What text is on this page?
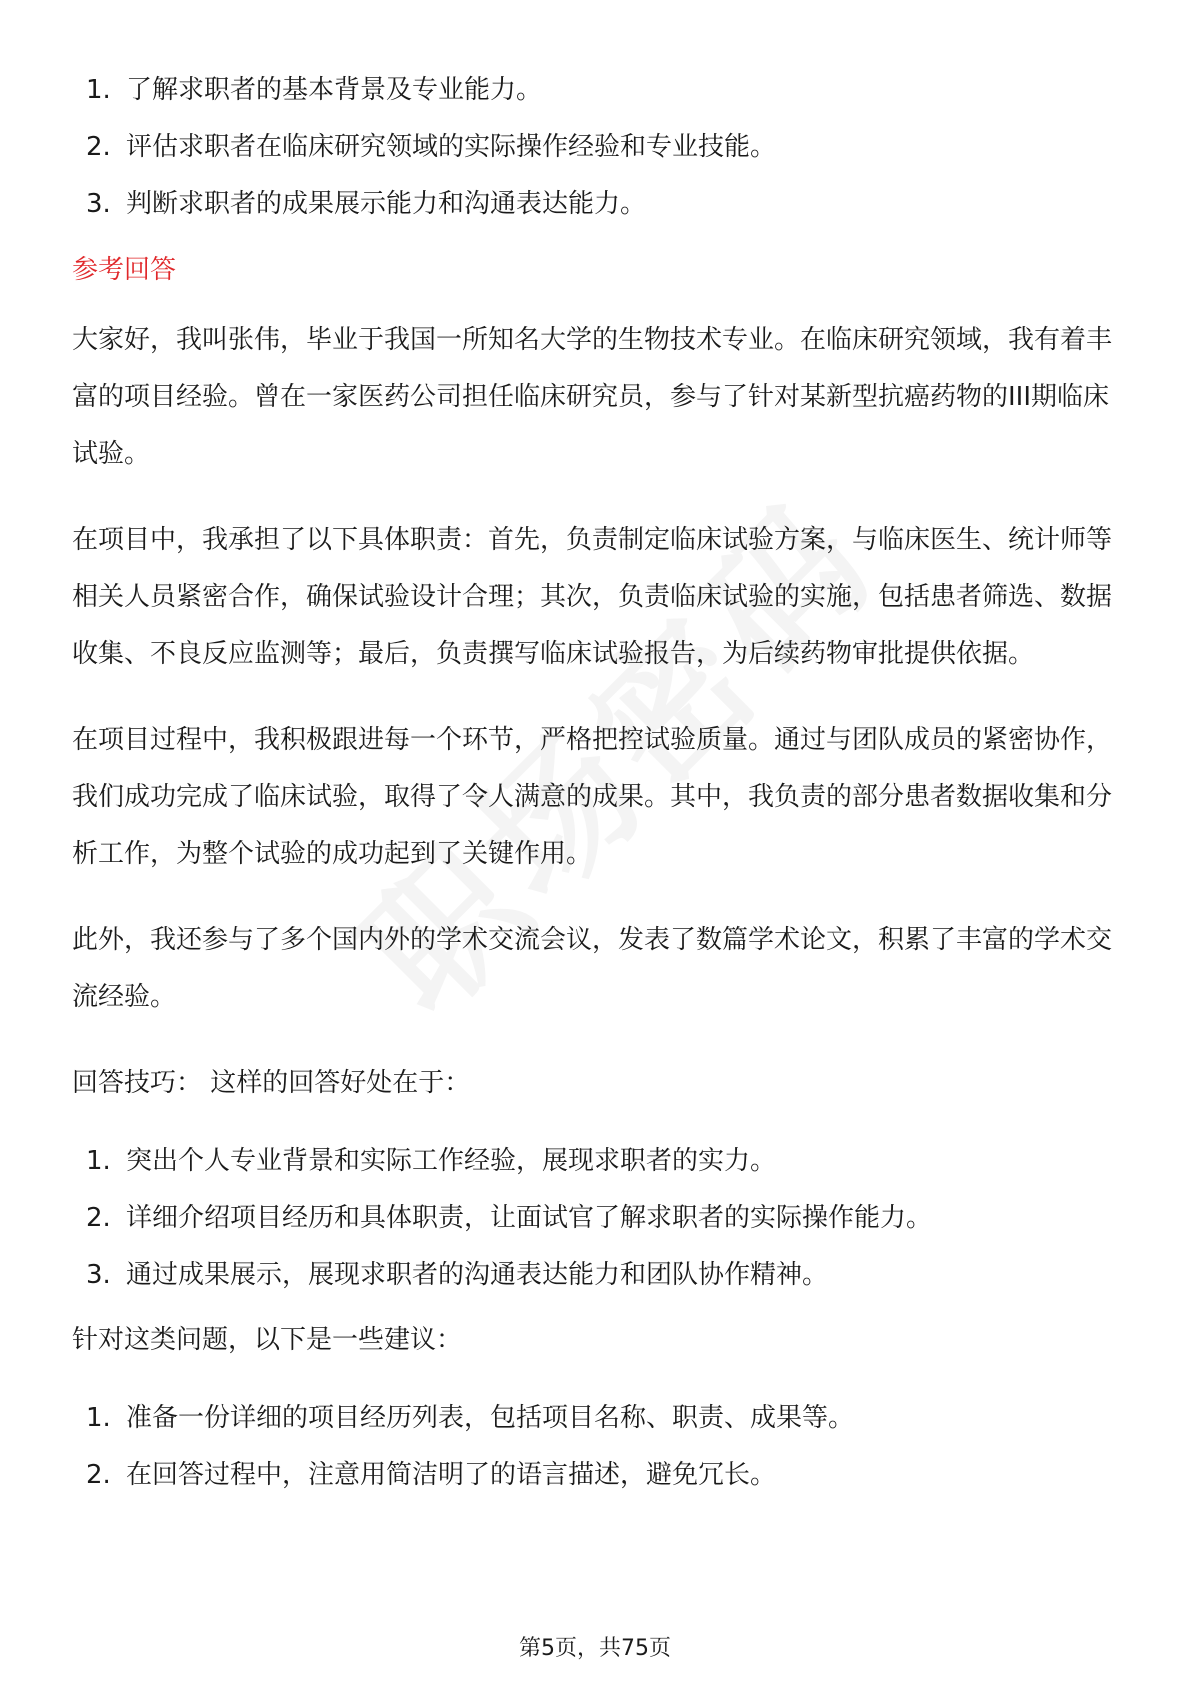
1. 了解求职者的基本背景及专业能力。
2. 评估求职者在临床研究领域的实际操作经验和专业技能。
3. 判断求职者的成果展示能力和沟通表达能力。
参考回答

大家好，我叫张伟，毕业于我国一所知名大学的生物技术专业。在临床研究领域，我有着丰富的项目经验。曾在一家医药公司担任临床研究员，参与了针对某新型抗癌药物的III期临床试验。

在项目中，我承担了以下具体职责：首先，负责制定临床试验方案，与临床医生、统计师等相关人员紧密合作，确保试验设计合理；其次，负责临床试验的实施，包括患者筛选、数据收集、不良反应监测等；最后，负责撰写临床试验报告，为后续药物审批提供依据。

在项目过程中，我积极跟进每一个环节，严格把控试验质量。通过与团队成员的紧密协作，我们成功完成了临床试验，取得了令人满意的成果。其中，我负责的部分患者数据收集和分析工作，为整个试验的成功起到了关键作用。

此外，我还参与了多个国内外的学术交流会议，发表了数篇学术论文，积累了丰富的学术交流经验。

回答技巧： 这样的回答好处在于：

1. 突出个人专业背景和实际工作经验，展现求职者的实力。
2. 详细介绍项目经历和具体职责，让面试官了解求职者的实际操作能力。
3. 通过成果展示，展现求职者的沟通表达能力和团队协作精神。

针对这类问题，以下是一些建议：

1. 准备一份详细的项目经历列表，包括项目名称、职责、成果等。
2. 在回答过程中，注意用简洁明了的语言描述，避免冗长。
第5页，共75页
